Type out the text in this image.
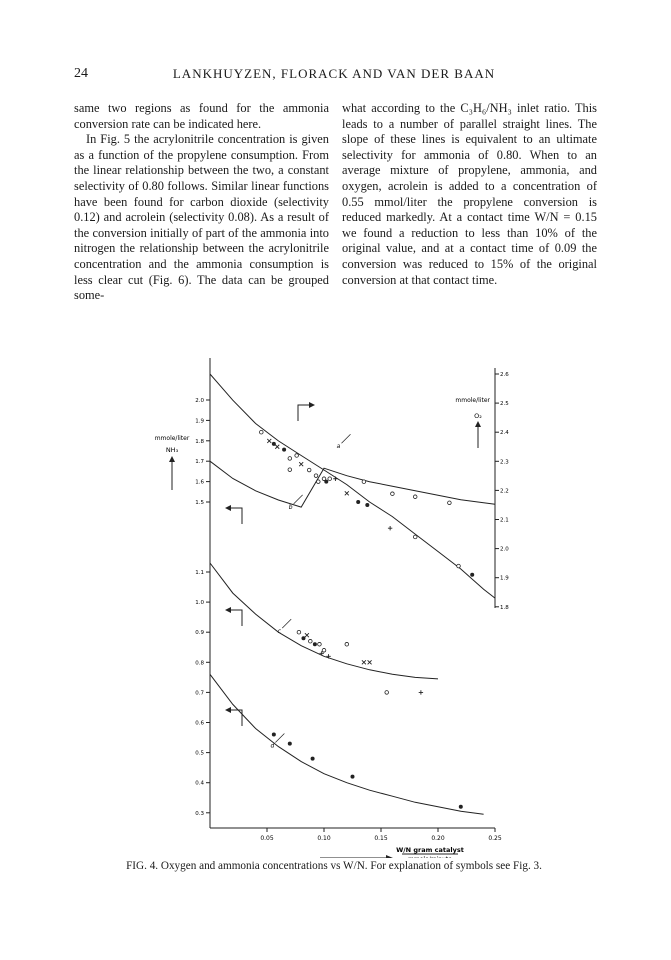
24	LANKHUYZEN, FLORACK AND VAN DER BAAN

same two regions as found for the ammonia conversion rate can be indicated here.

In Fig. 5 the acrylonitrile concentration is given as a function of the propylene consumption. From the linear relationship between the two, a constant selectivity of 0.80 follows. Similar linear functions have been found for carbon dioxide (selectivity 0.12) and acrolein (selectivity 0.08). As a result of the conversion initially of part of the ammonia into nitrogen the relationship between the acrylonitrile concentration and the ammonia consumption is less clear cut (Fig. 6). The data can be grouped some-

what according to the C₃H₆/NH₃ inlet ratio. This leads to a number of parallel straight lines. The slope of these lines is equivalent to an ultimate selectivity for ammonia of 0.80. When to an average mixture of propylene, ammonia, and oxygen, acrolein is added to a concentration of 0.55 mmol/liter the propylene conversion is reduced markedly. At a contact time W/N = 0.15 we found a reduction to less than 10% of the original value, and at a contact time of 0.09 the conversion was reduced to 15% of the original conversion at that contact time.

0.05	0.10	0.15	0.20	0.25
2.0
1.9
1.8
1.7
1.6
1.5
1.1
1.0
0.9
0.8
0.7
0.6
0.5
0.4
0.3
2.6
2.5
2.4
2.3
2.2
2.1
2.0
1.9
1.8
mmole/liter
NH₃
mmole/liter
O₂
W/N gram catalyst
a
b
c
d
FIG. 4. Oxygen and ammonia concentrations vs W/N. For explanation of symbols see Fig. 3.
